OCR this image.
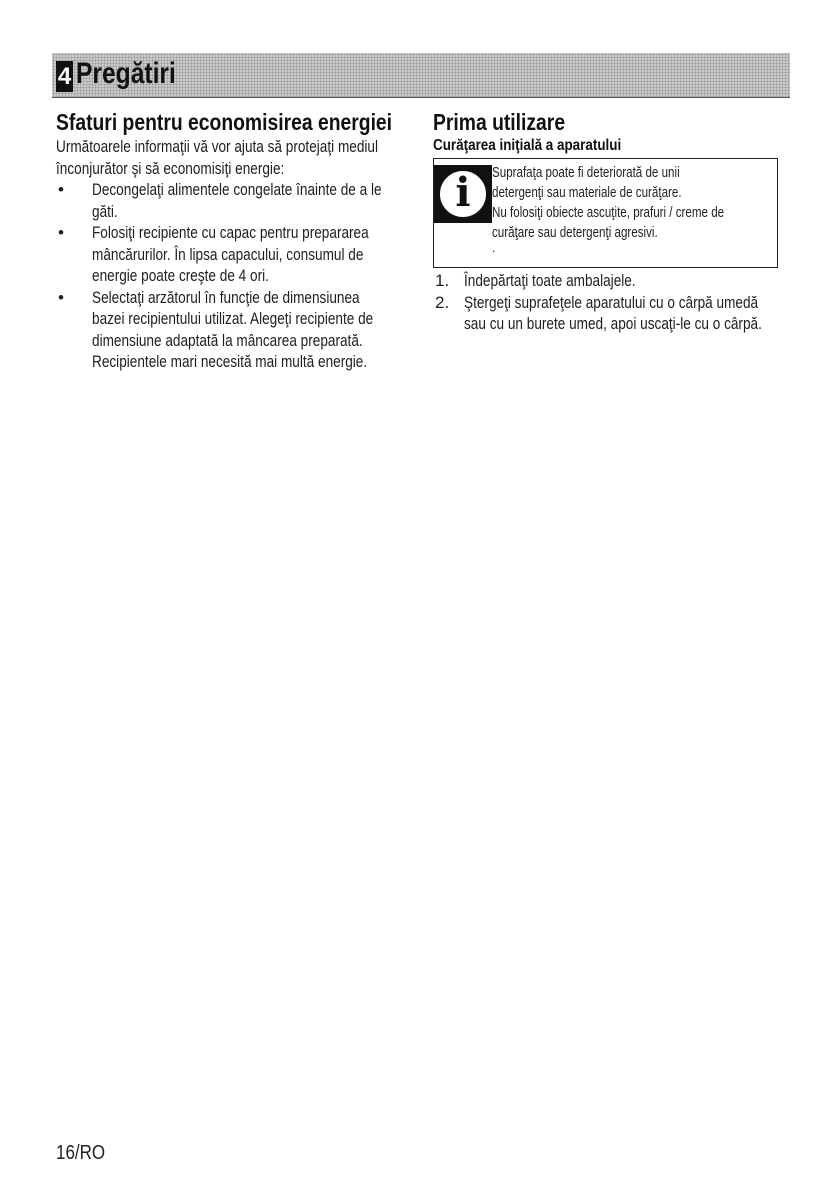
4 Pregătiri
Sfaturi pentru economisirea energiei
Următoarele informaţii vă vor ajuta să protejaţi mediul
înconjurător şi să economisiţi energie:
• Decongelaţi alimentele congelate înainte de a le
găti.
• Folosiţi recipiente cu capac pentru prepararea
mâncărurilor. În lipsa capacului, consumul de
energie poate creşte de 4 ori.
• Selectaţi arzătorul în funcţie de dimensiunea
bazei recipientului utilizat. Alegeţi recipiente de
dimensiune adaptată la mâncarea preparată.
Recipientele mari necesită mai multă energie.
Prima utilizare
Curăţarea iniţială a aparatului
i	Suprafaţa poate fi deteriorată de unii
detergenţi sau materiale de curăţare.
Nu folosiţi obiecte ascuţite, prafuri / creme de
curăţare sau detergenţi agresivi.
.
1. Îndepărtaţi toate ambalajele.
2. Ştergeţi suprafeţele aparatului cu o cârpă umedă
sau cu un burete umed, apoi uscaţi-le cu o cârpă.
16/RO
